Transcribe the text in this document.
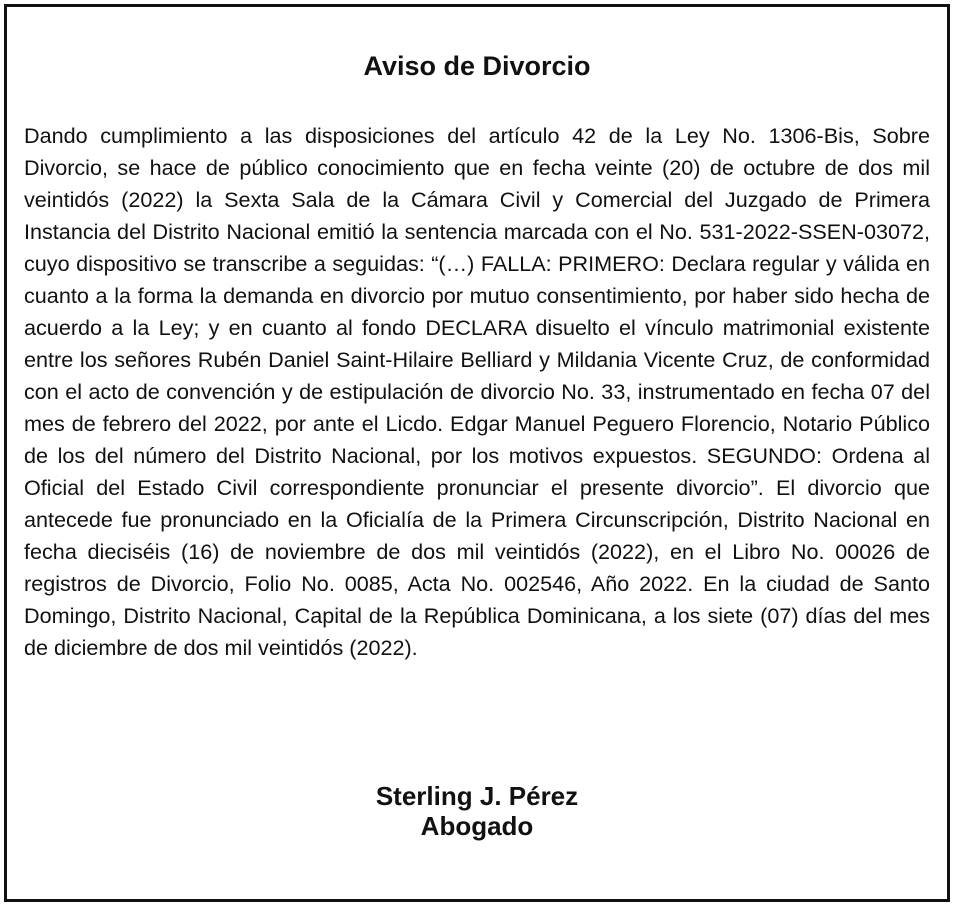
Aviso de Divorcio

Dando cumplimiento a las disposiciones del artículo 42 de la Ley No. 1306-Bis, Sobre Divorcio, se hace de público conocimiento que en fecha veinte (20) de octubre de dos mil veintidós (2022) la Sexta Sala de la Cámara Civil y Comercial del Juzgado de Primera Instancia del Distrito Nacional emitió la sentencia marcada con el No. 531-2022-SSEN-03072, cuyo dispositivo se transcribe a seguidas: “(…) FALLA: PRIMERO: Declara regular y válida en cuanto a la forma la demanda en divorcio por mutuo consentimiento, por haber sido hecha de acuerdo a la Ley; y en cuanto al fondo DECLARA disuelto el vínculo matrimonial existente entre los señores Rubén Daniel Saint-Hilaire Belliard y Mildania Vicente Cruz, de conformidad con el acto de convención y de estipulación de divorcio No. 33, instrumentado en fecha 07 del mes de febrero del 2022, por ante el Licdo. Edgar Manuel Peguero Florencio, Notario Público de los del número del Distrito Nacional, por los motivos expuestos. SEGUNDO: Ordena al Oficial del Estado Civil correspondiente pronunciar el presente divorcio”. El divorcio que antecede fue pronunciado en la Oficialía de la Primera Circunscripción, Distrito Nacional en fecha dieciséis (16) de noviembre de dos mil veintidós (2022), en el Libro No. 00026 de registros de Divorcio, Folio No. 0085, Acta No. 002546, Año 2022. En la ciudad de Santo Domingo, Distrito Nacional, Capital de la República Dominicana, a los siete (07) días del mes de diciembre de dos mil veintidós (2022).

Sterling J. Pérez
Abogado
